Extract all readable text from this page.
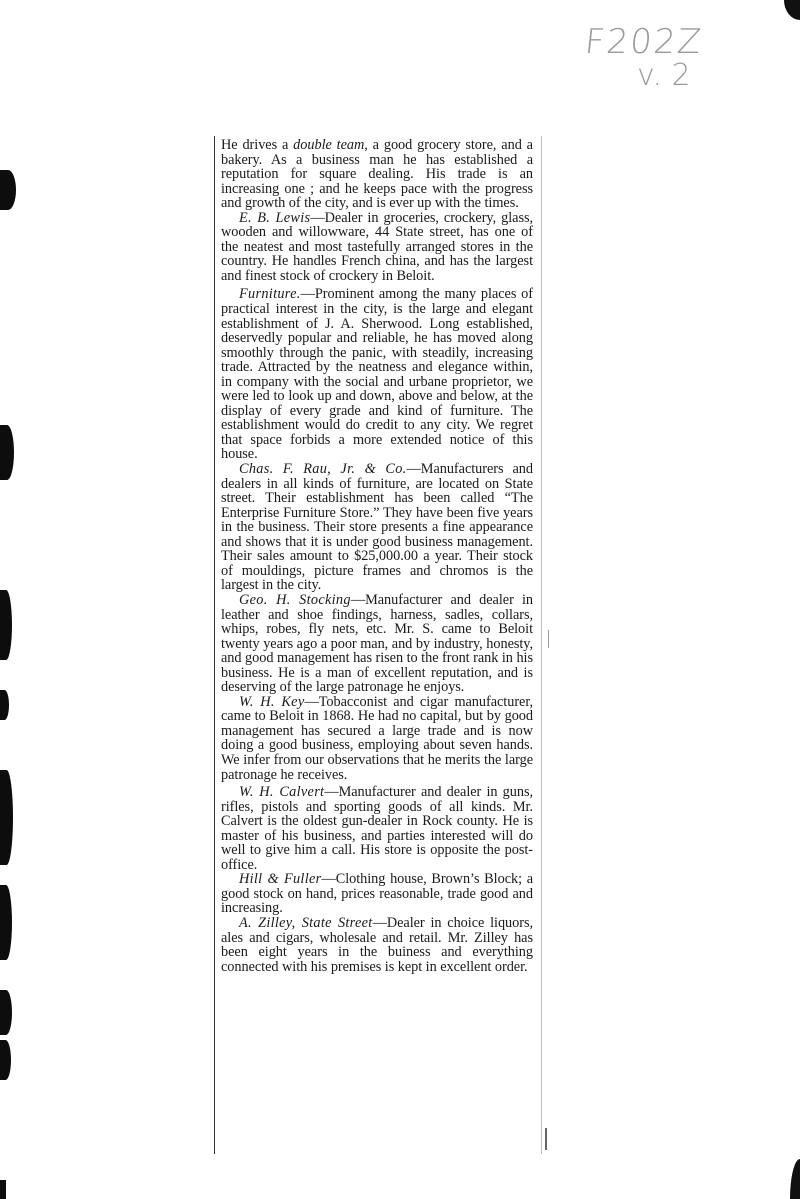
F202Z
v. 2

He drives a double team, a good grocery store, and a bakery. As a business man he has established a reputation for square dealing. His trade is an increasing one ; and he keeps pace with the progress and growth of the city, and is ever up with the times.

E. B. Lewis—Dealer in groceries, crockery, glass, wooden and willowware, 44 State street, has one of the neatest and most tastefully arranged stores in the country. He handles French china, and has the largest and finest stock of crockery in Beloit.

Furniture.—Prominent among the many places of practical interest in the city, is the large and elegant establishment of J. A. Sherwood. Long established, deservedly popular and reliable, he has moved along smoothly through the panic, with steadily, increasing trade. Attracted by the neatness and elegance within, in company with the social and urbane proprietor, we were led to look up and down, above and below, at the display of every grade and kind of furniture. The establishment would do credit to any city. We regret that space forbids a more extended notice of this house.

Chas. F. Rau, Jr. & Co.—Manufacturers and dealers in all kinds of furniture, are located on State street. Their establishment has been called “The Enterprise Furniture Store.” They have been five years in the business. Their store presents a fine appearance and shows that it is under good business management. Their sales amount to $25,000.00 a year. Their stock of mouldings, picture frames and chromos is the largest in the city.

Geo. H. Stocking—Manufacturer and dealer in leather and shoe findings, harness, sadles, collars, whips, robes, fly nets, etc. Mr. S. came to Beloit twenty years ago a poor man, and by industry, honesty, and good management has risen to the front rank in his business. He is a man of excellent reputation, and is deserving of the large patronage he enjoys.

W. H. Key—Tobacconist and cigar manufacturer, came to Beloit in 1868. He had no capital, but by good management has secured a large trade and is now doing a good business, employing about seven hands. We infer from our observations that he merits the large patronage he receives.

W. H. Calvert—Manufacturer and dealer in guns, rifles, pistols and sporting goods of all kinds. Mr. Calvert is the oldest gun-dealer in Rock county. He is master of his business, and parties interested will do well to give him a call. His store is opposite the post-office.

Hill & Fuller—Clothing house, Brown’s Block; a good stock on hand, prices reasonable, trade good and increasing.

A. Zilley, State Street—Dealer in choice liquors, ales and cigars, wholesale and retail. Mr. Zilley has been eight years in the buiness and everything connected with his premises is kept in excellent order.
